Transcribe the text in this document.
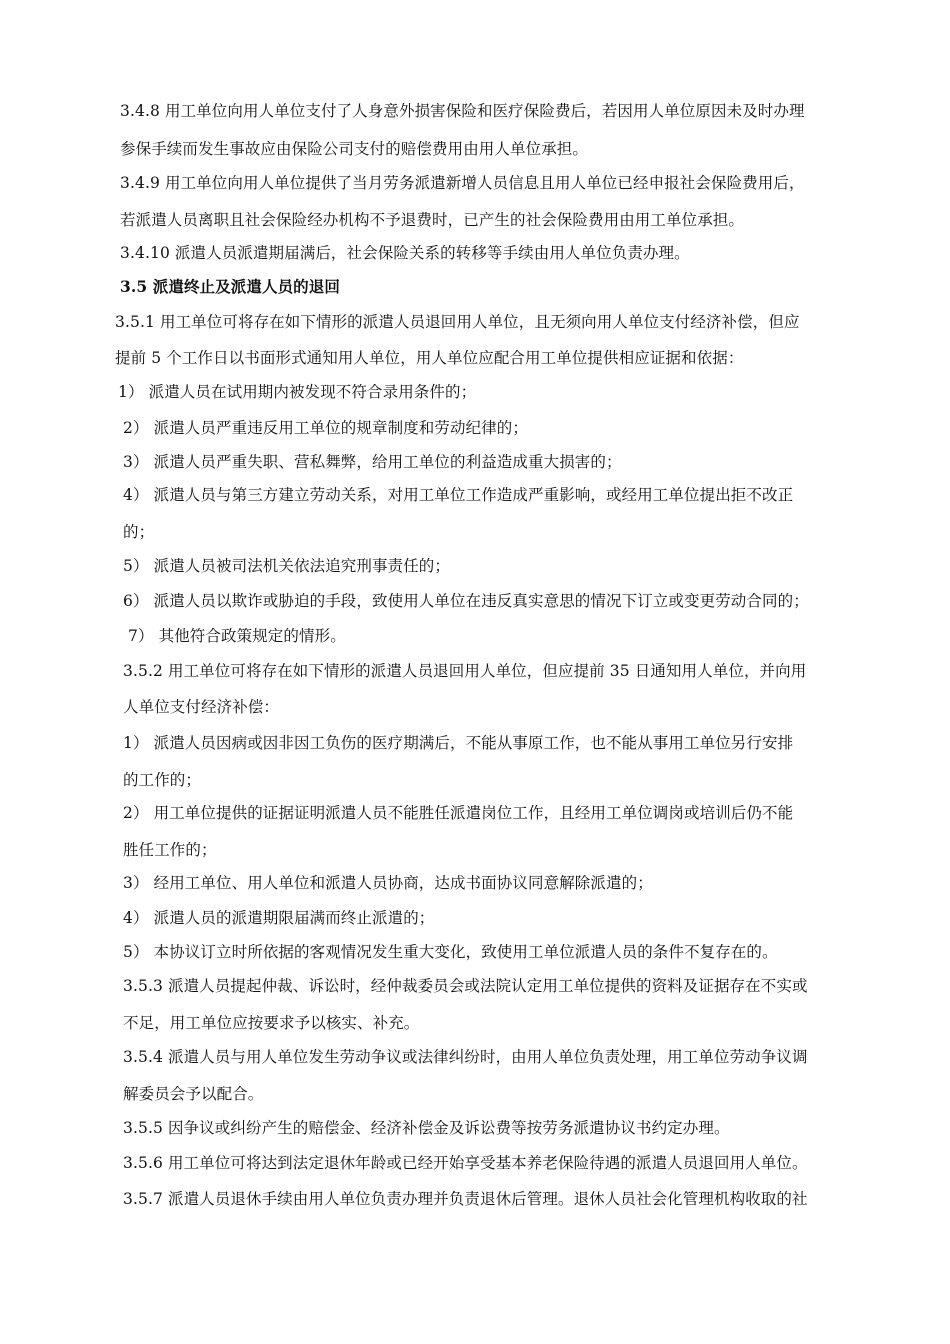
3.4.8 用工单位向用人单位支付了人身意外损害保险和医疗保险费后，若因用人单位原因未及时办理
参保手续而发生事故应由保险公司支付的赔偿费用由用人单位承担。
3.4.9 用工单位向用人单位提供了当月劳务派遣新增人员信息且用人单位已经申报社会保险费用后，
若派遣人员离职且社会保险经办机构不予退费时，已产生的社会保险费用由用工单位承担。
3.4.10 派遣人员派遣期届满后，社会保险关系的转移等手续由用人单位负责办理。
3.5 派遣终止及派遣人员的退回
3.5.1 用工单位可将存在如下情形的派遣人员退回用人单位，且无须向用人单位支付经济补偿，但应
提前 5 个工作日以书面形式通知用人单位，用人单位应配合用工单位提供相应证据和依据：
1） 派遣人员在试用期内被发现不符合录用条件的；
2） 派遣人员严重违反用工单位的规章制度和劳动纪律的；
3） 派遣人员严重失职、营私舞弊，给用工单位的利益造成重大损害的；
4） 派遣人员与第三方建立劳动关系，对用工单位工作造成严重影响，或经用工单位提出拒不改正
的；
5） 派遣人员被司法机关依法追究刑事责任的；
6） 派遣人员以欺诈或胁迫的手段，致使用人单位在违反真实意思的情况下订立或变更劳动合同的；
7） 其他符合政策规定的情形。
3.5.2 用工单位可将存在如下情形的派遣人员退回用人单位，但应提前 35 日通知用人单位，并向用
人单位支付经济补偿：
1） 派遣人员因病或因非因工负伤的医疗期满后，不能从事原工作，也不能从事用工单位另行安排
的工作的；
2） 用工单位提供的证据证明派遣人员不能胜任派遣岗位工作，且经用工单位调岗或培训后仍不能
胜任工作的；
3） 经用工单位、用人单位和派遣人员协商，达成书面协议同意解除派遣的；
4） 派遣人员的派遣期限届满而终止派遣的；
5） 本协议订立时所依据的客观情况发生重大变化，致使用工单位派遣人员的条件不复存在的。
3.5.3 派遣人员提起仲裁、诉讼时，经仲裁委员会或法院认定用工单位提供的资料及证据存在不实或
不足，用工单位应按要求予以核实、补充。
3.5.4 派遣人员与用人单位发生劳动争议或法律纠纷时，由用人单位负责处理，用工单位劳动争议调
解委员会予以配合。
3.5.5 因争议或纠纷产生的赔偿金、经济补偿金及诉讼费等按劳务派遣协议书约定办理。
3.5.6 用工单位可将达到法定退休年龄或已经开始享受基本养老保险待遇的派遣人员退回用人单位。
3.5.7 派遣人员退休手续由用人单位负责办理并负责退休后管理。退休人员社会化管理机构收取的社
